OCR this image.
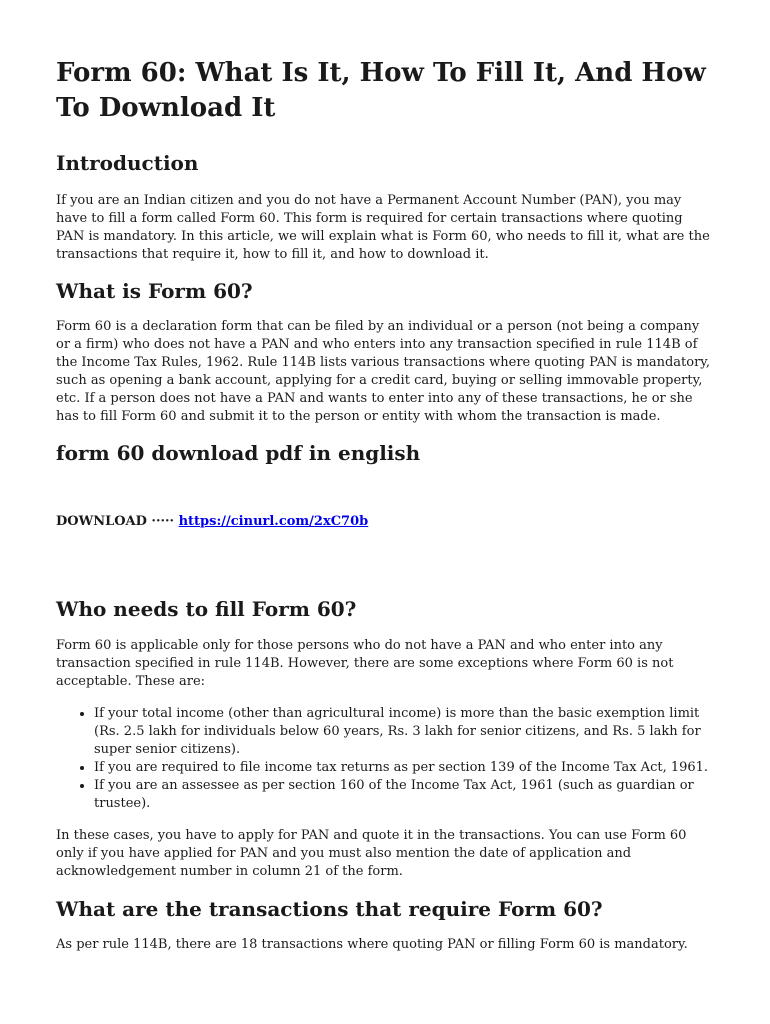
Form 60: What Is It, How To Fill It, And How To Download It
Introduction

If you are an Indian citizen and you do not have a Permanent Account Number (PAN), you may have to fill a form called Form 60. This form is required for certain transactions where quoting PAN is mandatory. In this article, we will explain what is Form 60, who needs to fill it, what are the transactions that require it, how to fill it, and how to download it.

What is Form 60?

Form 60 is a declaration form that can be filed by an individual or a person (not being a company or a firm) who does not have a PAN and who enters into any transaction specified in rule 114B of the Income Tax Rules, 1962. Rule 114B lists various transactions where quoting PAN is mandatory, such as opening a bank account, applying for a credit card, buying or selling immovable property, etc. If a person does not have a PAN and wants to enter into any of these transactions, he or she has to fill Form 60 and submit it to the person or entity with whom the transaction is made.

form 60 download pdf in english

DOWNLOAD ····· https://cinurl.com/2xC70b

Who needs to fill Form 60?

Form 60 is applicable only for those persons who do not have a PAN and who enter into any transaction specified in rule 114B. However, there are some exceptions where Form 60 is not acceptable. These are:

• If your total income (other than agricultural income) is more than the basic exemption limit (Rs. 2.5 lakh for individuals below 60 years, Rs. 3 lakh for senior citizens, and Rs. 5 lakh for super senior citizens).
• If you are required to file income tax returns as per section 139 of the Income Tax Act, 1961.
• If you are an assessee as per section 160 of the Income Tax Act, 1961 (such as guardian or trustee).

In these cases, you have to apply for PAN and quote it in the transactions. You can use Form 60 only if you have applied for PAN and you must also mention the date of application and acknowledgement number in column 21 of the form.

What are the transactions that require Form 60?

As per rule 114B, there are 18 transactions where quoting PAN or filling Form 60 is mandatory.
